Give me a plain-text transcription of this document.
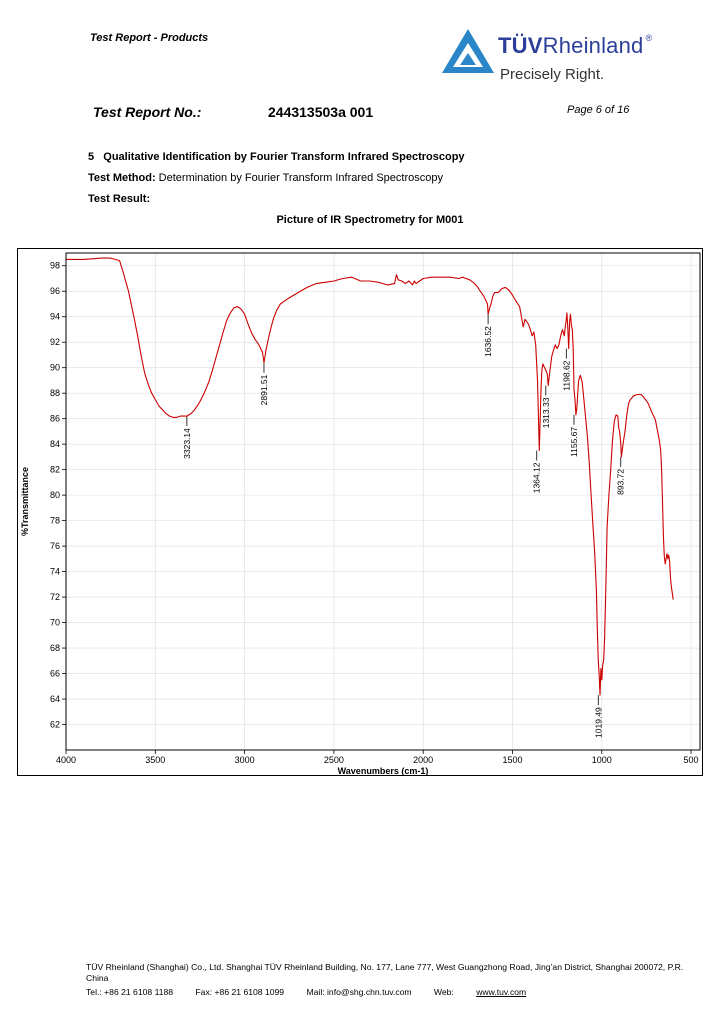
Test Report - Products	TÜVRheinland ®
Precisely Right.
Test Report No.:	244313503a 001	Page 6 of 16
5   Qualitative Identification by Fourier Transform Infrared Spectroscopy
Test Method: Determination by Fourier Transform Infrared Spectroscopy
Test Result:
Picture of IR Spectrometry for M001
62
64
66
68
70
72
74
76
78
80
82
84
86
88
90
92
94
96
98
4000	3500	3000	2500	2000	1500	1000	500
3323.14
2891.51
1636.52
1364.12
1313.33
1198.62
1155.67
1019.49
893.72
Wavenumbers (cm-1)
%Transmittance
TÜV Rheinland (Shanghai) Co., Ltd. Shanghai TÜV Rheinland Building, No. 177, Lane 777, West Guangzhong Road, Jing’an District, Shanghai 200072, P.R. China
Tel.: +86 21 6108 1188	Fax: +86 21 6108 1099	Mail: info@shg.chn.tuv.com	Web: www.tuv.com
